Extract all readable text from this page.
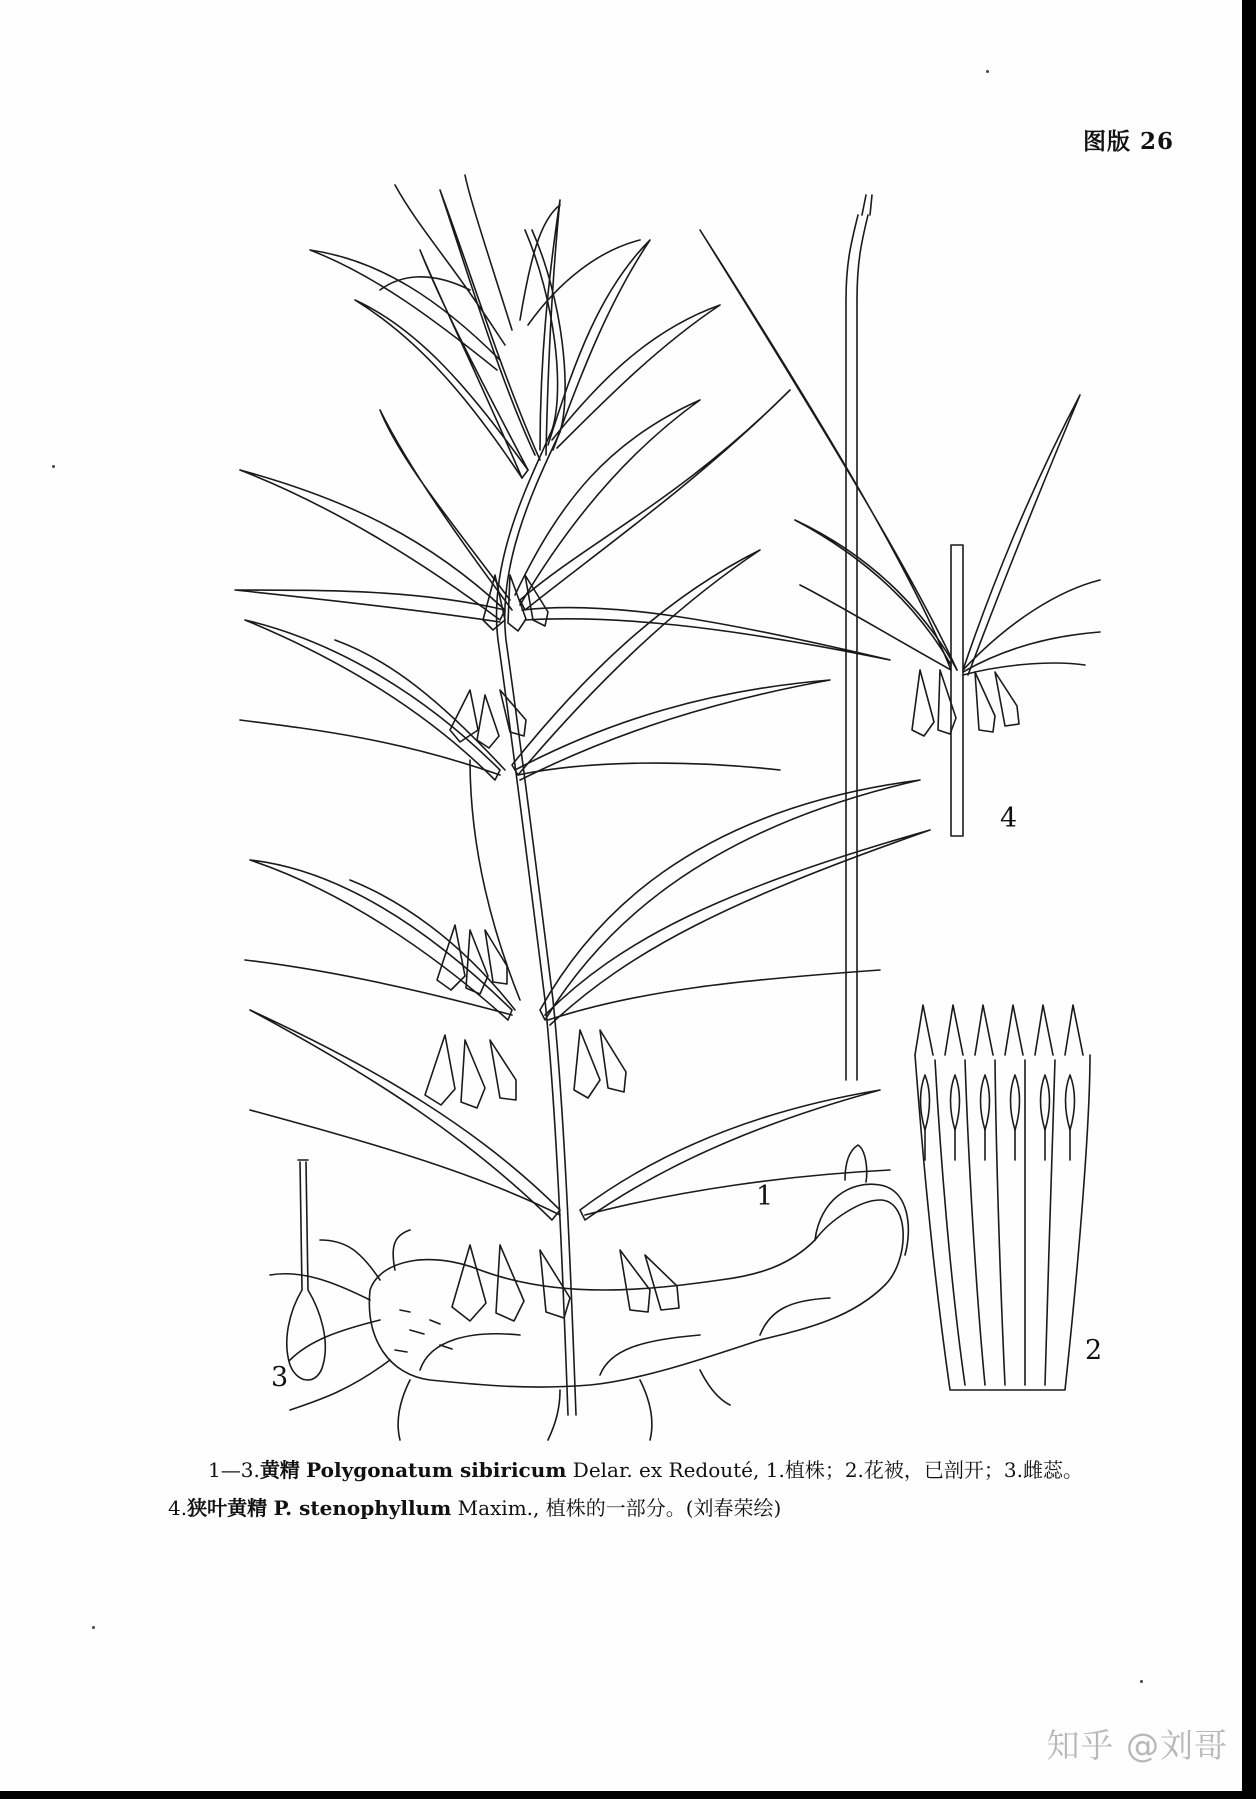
图版 26
1
2
3
4
1—3.黄精 Polygonatum sibiricum Delar. ex Redouté, 1.植株；2.花被，已剖开；3.雌蕊。
4.狭叶黄精 P. stenophyllum Maxim., 植株的一部分。(刘春荣绘)
知乎 @刘哥
